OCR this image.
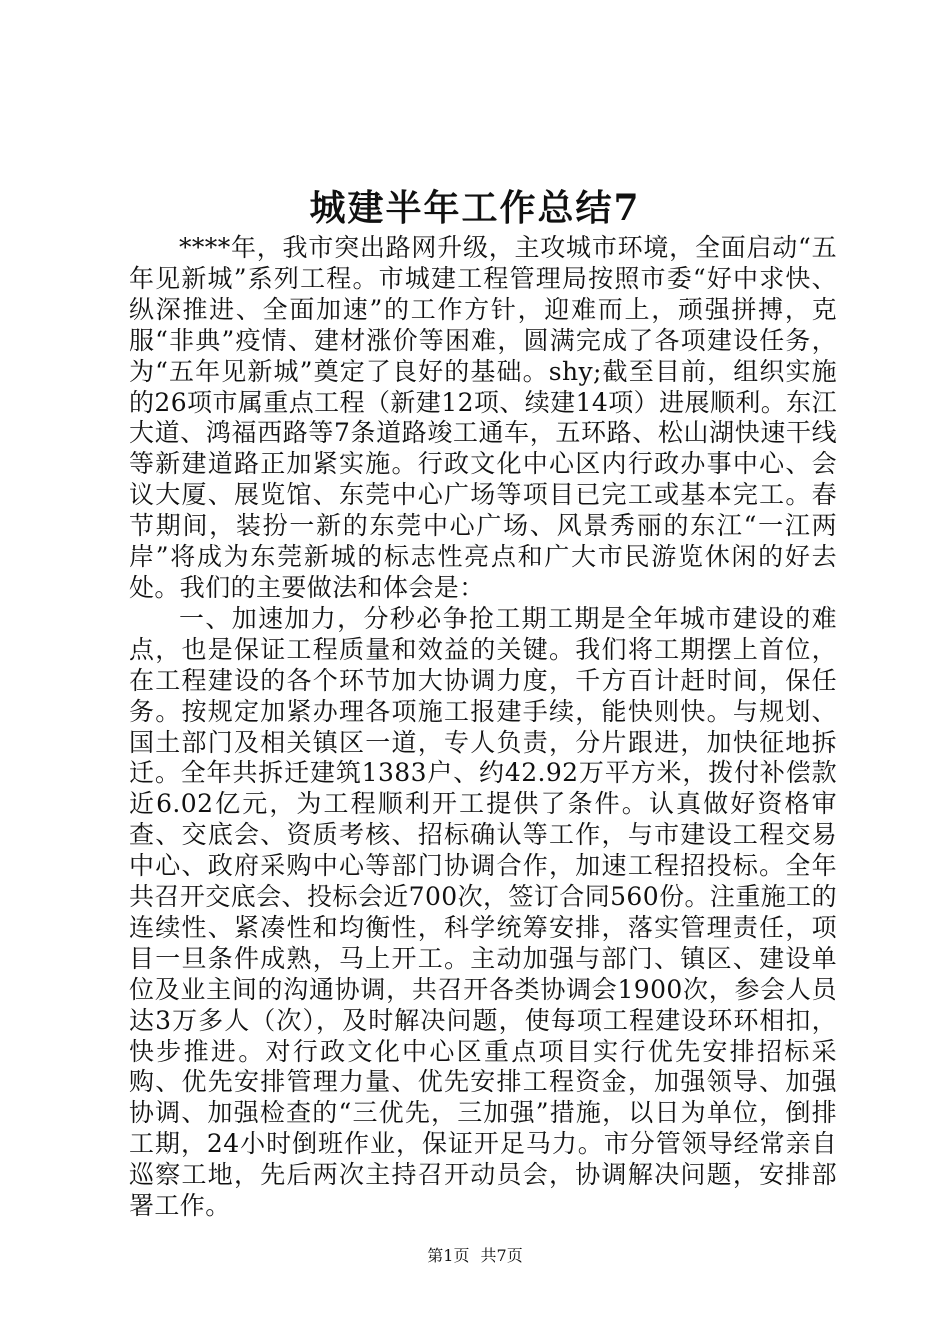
城建半年工作总结7

****年，我市突出路网升级，主攻城市环境，全面启动“五年见新城”系列工程。市城建工程管理局按照市委“好中求快、纵深推进、全面加速”的工作方针，迎难而上，顽强拼搏，克服“非典”疫情、建材涨价等困难，圆满完成了各项建设任务，为“五年见新城”奠定了良好的基础。shy;截至目前，组织实施的26项市属重点工程（新建12项、续建14项）进展顺利。东江大道、鸿福西路等7条道路竣工通车，五环路、松山湖快速干线等新建道路正加紧实施。行政文化中心区内行政办事中心、会议大厦、展览馆、东莞中心广场等项目已完工或基本完工。春节期间，装扮一新的东莞中心广场、风景秀丽的东江“一江两岸”将成为东莞新城的标志性亮点和广大市民游览休闲的好去处。我们的主要做法和体会是：

一、加速加力，分秒必争抢工期工期是全年城市建设的难点，也是保证工程质量和效益的关键。我们将工期摆上首位，在工程建设的各个环节加大协调力度，千方百计赶时间，保任务。按规定加紧办理各项施工报建手续，能快则快。与规划、国土部门及相关镇区一道，专人负责，分片跟进，加快征地拆迁。全年共拆迁建筑1383户、约42.92万平方米，拨付补偿款近6.02亿元，为工程顺利开工提供了条件。认真做好资格审查、交底会、资质考核、招标确认等工作，与市建设工程交易中心、政府采购中心等部门协调合作，加速工程招投标。全年共召开交底会、投标会近700次，签订合同560份。注重施工的连续性、紧凑性和均衡性，科学统筹安排，落实管理责任，项目一旦条件成熟，马上开工。主动加强与部门、镇区、建设单位及业主间的沟通协调，共召开各类协调会1900次，参会人员达3万多人（次），及时解决问题，使每项工程建设环环相扣，快步推进。对行政文化中心区重点项目实行优先安排招标采购、优先安排管理力量、优先安排工程资金，加强领导、加强协调、加强检查的“三优先，三加强”措施，以日为单位，倒排工期，24小时倒班作业，保证开足马力。市分管领导经常亲自巡察工地，先后两次主持召开动员会，协调解决问题，安排部署工作。

第1页 共7页
